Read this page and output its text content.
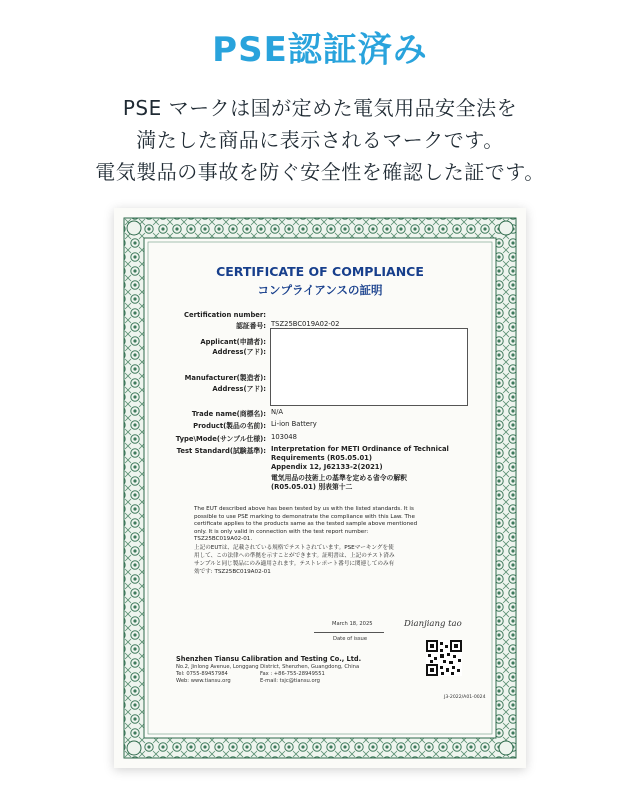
PSE認証済み
PSE マークは国が定めた電気用品安全法を
満たした商品に表示されるマークです。
電気製品の事故を防ぐ安全性を確認した証です。
CERTIFICATE OF COMPLIANCE
コンプライアンスの証明
Certification number:
認証番号: TSZ25BC019A02-02
Applicant(申請者):
Address(アド):
Manufacturer(製造者):
Address(アド):
Trade name(商標名): N/A
Product(製品の名前): Li-ion Battery
Type\Mode(サンプル仕様): 103048
Test Standard(試験基準): Interpretation for METI Ordinance of Technical
Requirements (R05.05.01)
Appendix 12, J62133-2(2021)
電気用品の技術上の基準を定める省令の解釈
(R05.05.01) 別表第十二
The EUT described above has been tested by us with the listed standards. It is
possible to use PSE marking to demonstrate the compliance with this Law. The
certificate applies to the products same as the tested sample above mentioned
only. It is only valid in connection with the test report number:
TSZ25BC019A02-01.
上記のEUTは、記載されている規格でテストされています。PSEマーキングを使
用して、この法律への準拠を示すことができます。証明書は、上記のテスト済み
サンプルと同じ製品にのみ適用されます。テストレポート番号に関連してのみ有
効です: TSZ25BC019A02-01
March 18, 2025
Date of issue
Dianjiang tao
Shenzhen Tiansu Calibration and Testing Co., Ltd.
No.2, Jinlong Avenue, Longgang District, Shenzhen, Guangdong, China
Tel: 0755-89457984	Fax : +86-755-28949551
Web: www.tiansu.org	E-mail: tsjc@tiansu.org
J3-2022/A01-0024
